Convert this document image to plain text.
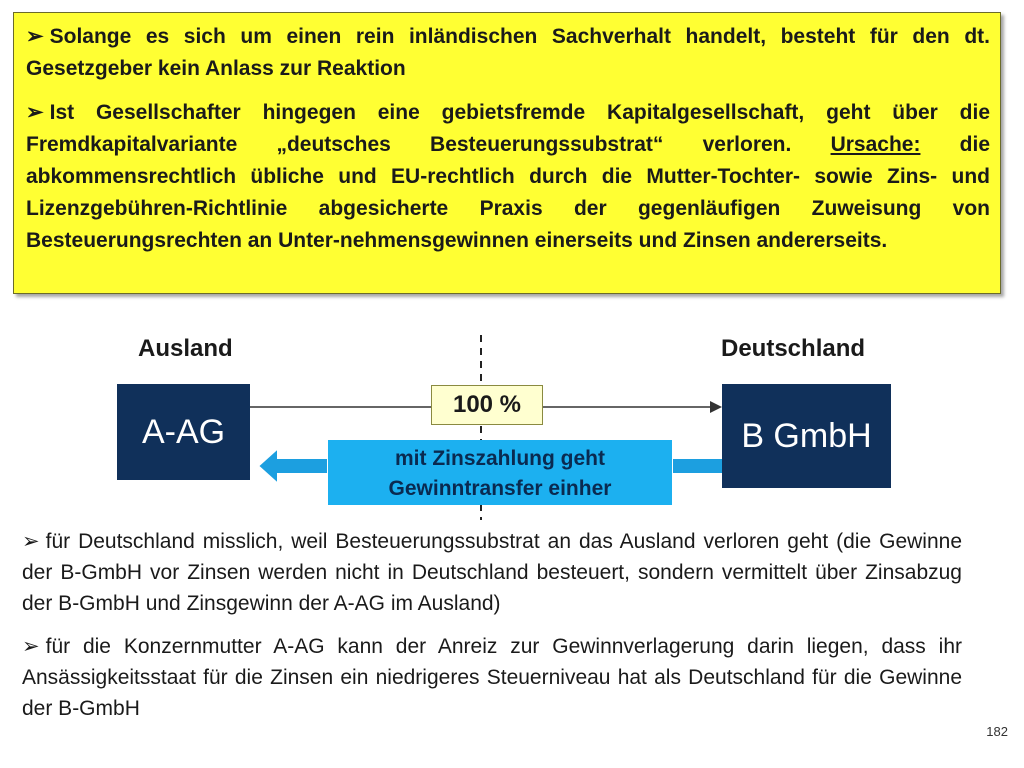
➢ Solange es sich um einen rein inländischen Sachverhalt handelt, besteht für den dt. Gesetzgeber kein Anlass zur Reaktion

➢ Ist Gesellschafter hingegen eine gebietsfremde Kapitalgesellschaft, geht über die Fremdkapitalvariante „deutsches Besteuerungssubstrat“ verloren. Ursache: die abkommensrechtlich übliche und EU-rechtlich durch die Mutter-Tochter- sowie Zins- und Lizenzgebühren-Richtlinie abgesicherte Praxis der gegenläufigen Zuweisung von Besteuerungsrechten an Unter-nehmensgewinnen einerseits und Zinsen andererseits.

Ausland	Deutschland
A-AG	B GmbH
100 %
mit Zinszahlung geht
Gewinntransfer einher

➢ für Deutschland misslich, weil Besteuerungssubstrat an das Ausland verloren geht (die Gewinne der B-GmbH vor Zinsen werden nicht in Deutschland besteuert, sondern vermittelt über Zinsabzug der B-GmbH und Zinsgewinn der A-AG im Ausland)

➢ für die Konzernmutter A-AG kann der Anreiz zur Gewinnverlagerung darin liegen, dass ihr Ansässigkeitsstaat für die Zinsen ein niedrigeres Steuerniveau hat als Deutschland für die Gewinne der B-GmbH

182
